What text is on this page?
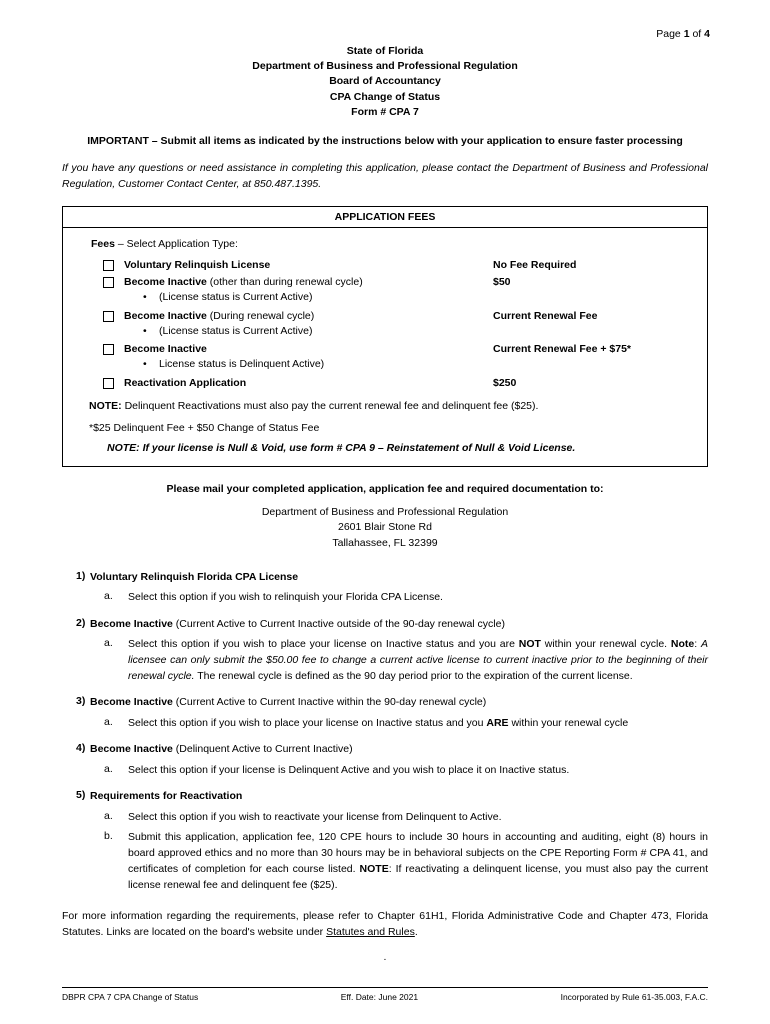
Page 1 of 4
State of Florida
Department of Business and Professional Regulation
Board of Accountancy
CPA Change of Status
Form # CPA 7
IMPORTANT – Submit all items as indicated by the instructions below with your application to ensure faster processing
If you have any questions or need assistance in completing this application, please contact the Department of Business and Professional Regulation, Customer Contact Center, at 850.487.1395.
APPLICATION FEES
Fees – Select Application Type:
Voluntary Relinquish License	No Fee Required
Become Inactive (other than during renewal cycle)	$50
•	(License status is Current Active)
Become Inactive (During renewal cycle)	Current Renewal Fee
•	(License status is Current Active)
Become Inactive	Current Renewal Fee + $75*
•	License status is Delinquent Active)
Reactivation Application	$250
NOTE: Delinquent Reactivations must also pay the current renewal fee and delinquent fee ($25).
*$25 Delinquent Fee + $50 Change of Status Fee
NOTE: If your license is Null & Void, use form # CPA 9 – Reinstatement of Null & Void License.
Please mail your completed application, application fee and required documentation to:
Department of Business and Professional Regulation
2601 Blair Stone Rd
Tallahassee, FL 32399
1) Voluntary Relinquish Florida CPA License
a.	Select this option if you wish to relinquish your Florida CPA License.
2) Become Inactive (Current Active to Current Inactive outside of the 90-day renewal cycle)
a.	Select this option if you wish to place your license on Inactive status and you are NOT within your renewal cycle. Note: A licensee can only submit the $50.00 fee to change a current active license to current inactive prior to the beginning of their renewal cycle. The renewal cycle is defined as the 90 day period prior to the expiration of the current license.
3) Become Inactive (Current Active to Current Inactive within the 90-day renewal cycle)
a.	Select this option if you wish to place your license on Inactive status and you ARE within your renewal cycle
4) Become Inactive (Delinquent Active to Current Inactive)
a.	Select this option if your license is Delinquent Active and you wish to place it on Inactive status.
5) Requirements for Reactivation
a.	Select this option if you wish to reactivate your license from Delinquent to Active.
b.	Submit this application, application fee, 120 CPE hours to include 30 hours in accounting and auditing, eight (8) hours in board approved ethics and no more than 30 hours may be in behavioral subjects on the CPE Reporting Form # CPA 41, and certificates of completion for each course listed. NOTE: If reactivating a delinquent license, you must also pay the current license renewal fee and delinquent fee ($25).
For more information regarding the requirements, please refer to Chapter 61H1, Florida Administrative Code and Chapter 473, Florida Statutes. Links are located on the board's website under Statutes and Rules.
.
DBPR CPA 7 CPA Change of Status	Eff. Date: June 2021	Incorporated by Rule 61-35.003, F.A.C.
